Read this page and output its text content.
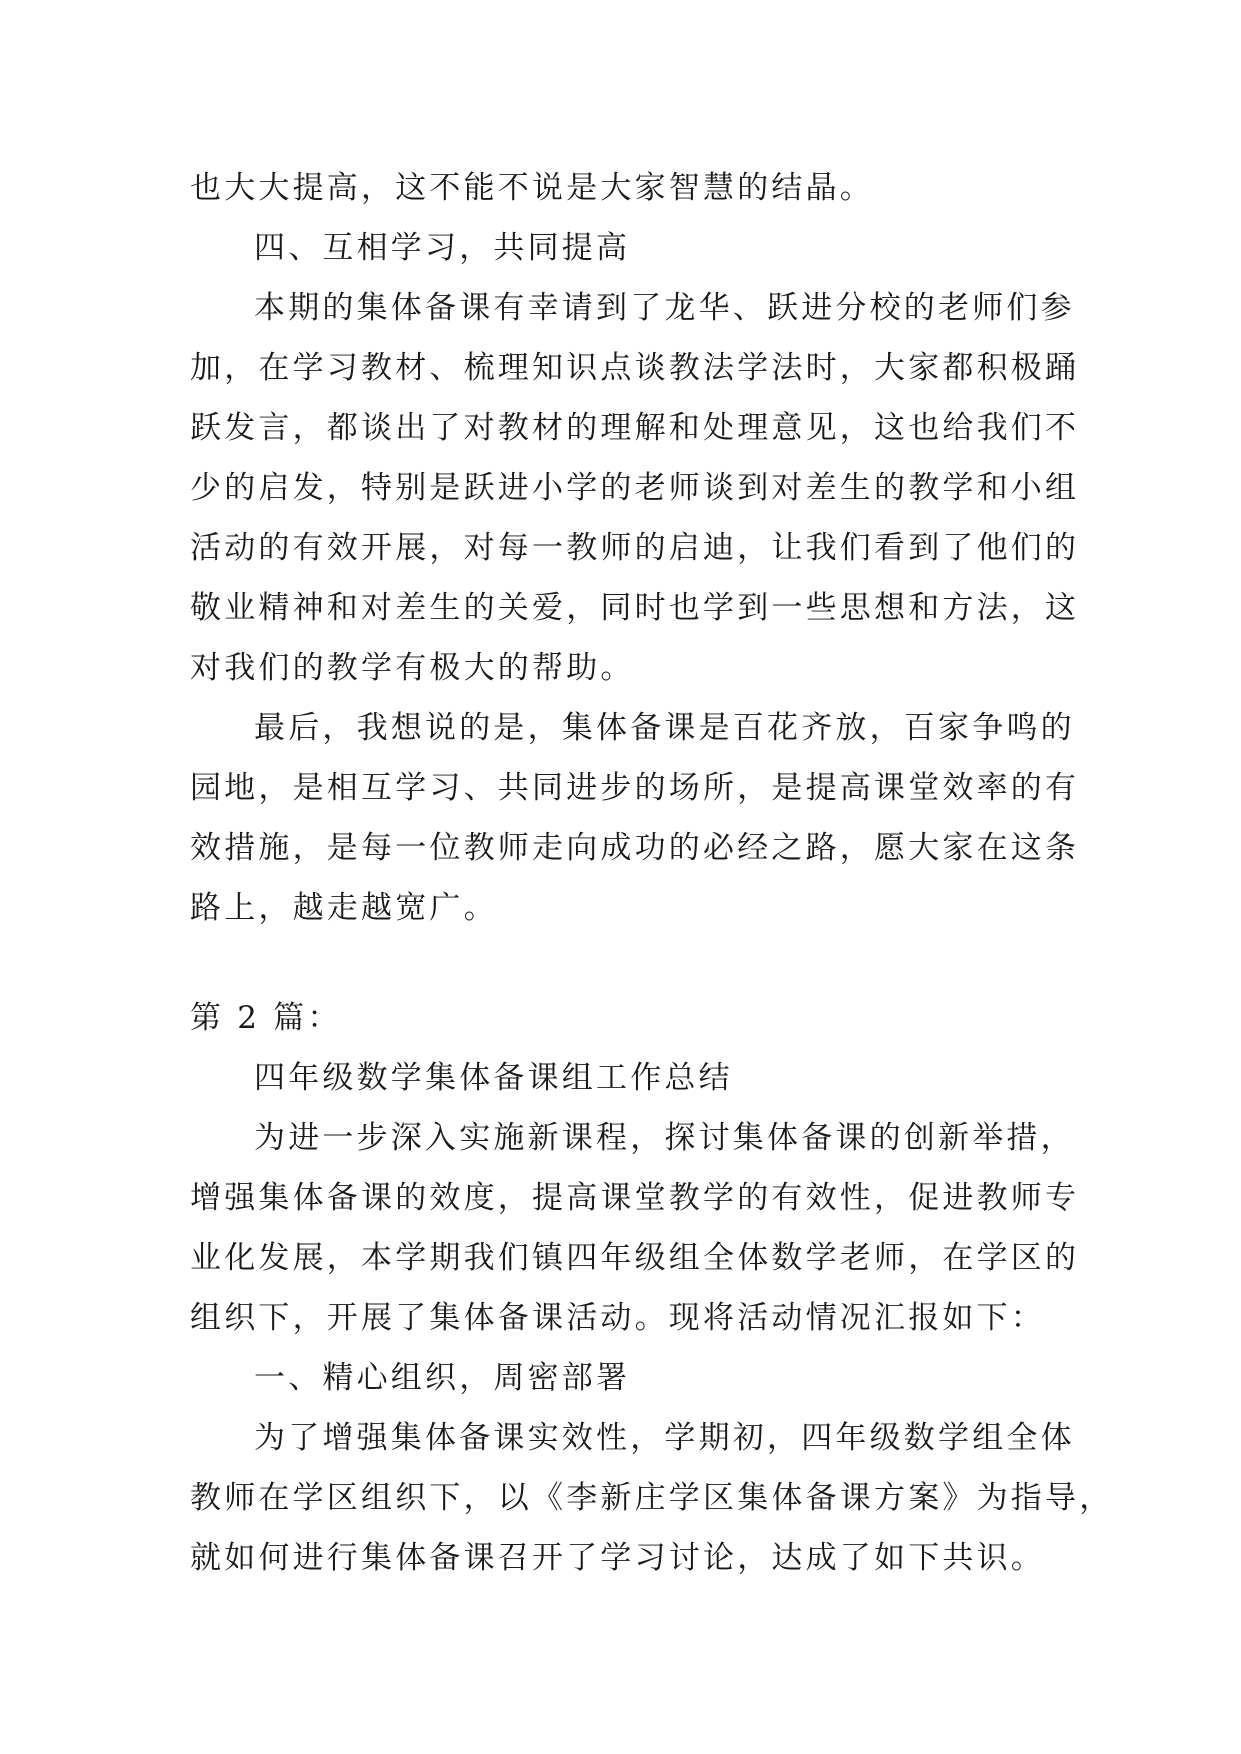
也大大提高，这不能不说是大家智慧的结晶。

四、互相学习，共同提高

本期的集体备课有幸请到了龙华、跃进分校的老师们参

加，在学习教材、梳理知识点谈教法学法时，大家都积极踊

跃发言，都谈出了对教材的理解和处理意见，这也给我们不

少的启发，特别是跃进小学的老师谈到对差生的教学和小组

活动的有效开展，对每一教师的启迪，让我们看到了他们的

敬业精神和对差生的关爱，同时也学到一些思想和方法，这

对我们的教学有极大的帮助。

最后，我想说的是，集体备课是百花齐放，百家争鸣的

园地，是相互学习、共同进步的场所，是提高课堂效率的有

效措施，是每一位教师走向成功的必经之路，愿大家在这条

路上，越走越宽广。

第 2 篇：

四年级数学集体备课组工作总结

为进一步深入实施新课程，探讨集体备课的创新举措，

增强集体备课的效度，提高课堂教学的有效性，促进教师专

业化发展，本学期我们镇四年级组全体数学老师，在学区的

组织下，开展了集体备课活动。现将活动情况汇报如下：

一、精心组织，周密部署

为了增强集体备课实效性，学期初，四年级数学组全体

教师在学区组织下，以《李新庄学区集体备课方案》为指导，

就如何进行集体备课召开了学习讨论，达成了如下共识。
